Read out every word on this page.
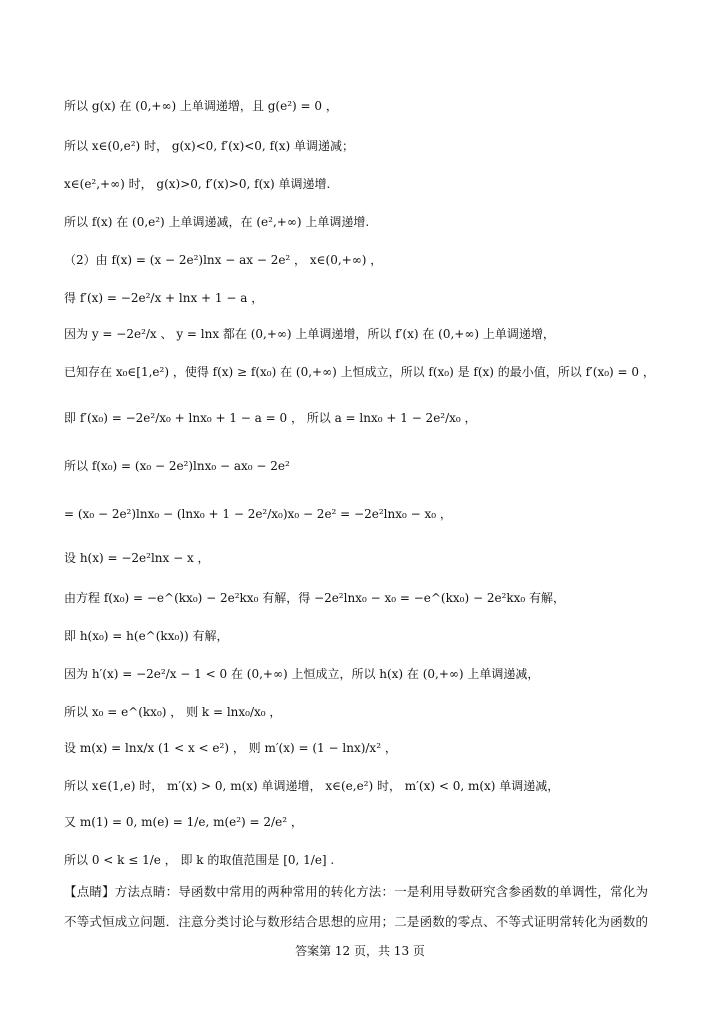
所以 g(x) 在 (0,+∞) 上单调递增，且 g(e²) = 0 ，
所以 x∈(0,e²) 时， g(x)<0, f′(x)<0, f(x) 单调递减；
x∈(e²,+∞) 时， g(x)>0, f′(x)>0, f(x) 单调递增.
所以 f(x) 在 (0,e²) 上单调递减，在 (e²,+∞) 上单调递增.
（2）由 f(x) = (x − 2e²)lnx − ax − 2e² ， x∈(0,+∞) ，
得 f′(x) = −2e²/x + lnx + 1 − a ，
因为 y = −2e²/x 、 y = lnx 都在 (0,+∞) 上单调递增，所以 f′(x) 在 (0,+∞) 上单调递增，
已知存在 x₀∈[1,e²) ，使得 f(x) ≥ f(x₀) 在 (0,+∞) 上恒成立，所以 f(x₀) 是 f(x) 的最小值，所以 f′(x₀) = 0 ，
即 f′(x₀) = −2e²/x₀ + lnx₀ + 1 − a = 0 ， 所以 a = lnx₀ + 1 − 2e²/x₀ ，
所以 f(x₀) = (x₀ − 2e²)lnx₀ − ax₀ − 2e²
= (x₀ − 2e²)lnx₀ − (lnx₀ + 1 − 2e²/x₀)x₀ − 2e² = −2e²lnx₀ − x₀ ，
设 h(x) = −2e²lnx − x ，
由方程 f(x₀) = −e^(kx₀) − 2e²kx₀ 有解，得 −2e²lnx₀ − x₀ = −e^(kx₀) − 2e²kx₀ 有解，
即 h(x₀) = h(e^(kx₀)) 有解，
因为 h′(x) = −2e²/x − 1 < 0 在 (0,+∞) 上恒成立，所以 h(x) 在 (0,+∞) 上单调递减，
所以 x₀ = e^(kx₀) ， 则 k = lnx₀/x₀ ，
设 m(x) = lnx/x (1 < x < e²) ， 则 m′(x) = (1 − lnx)/x² ，
所以 x∈(1,e) 时， m′(x) > 0, m(x) 单调递增， x∈(e,e²) 时， m′(x) < 0, m(x) 单调递减，
又 m(1) = 0, m(e) = 1/e, m(e²) = 2/e² ，
所以 0 < k ≤ 1/e ， 即 k 的取值范围是 [0, 1/e] .
【点睛】方法点睛：导函数中常用的两种常用的转化方法：一是利用导数研究含参函数的单调性，常化为
不等式恒成立问题．注意分类讨论与数形结合思想的应用；二是函数的零点、不等式证明常转化为函数的
答案第 12 页，共 13 页
